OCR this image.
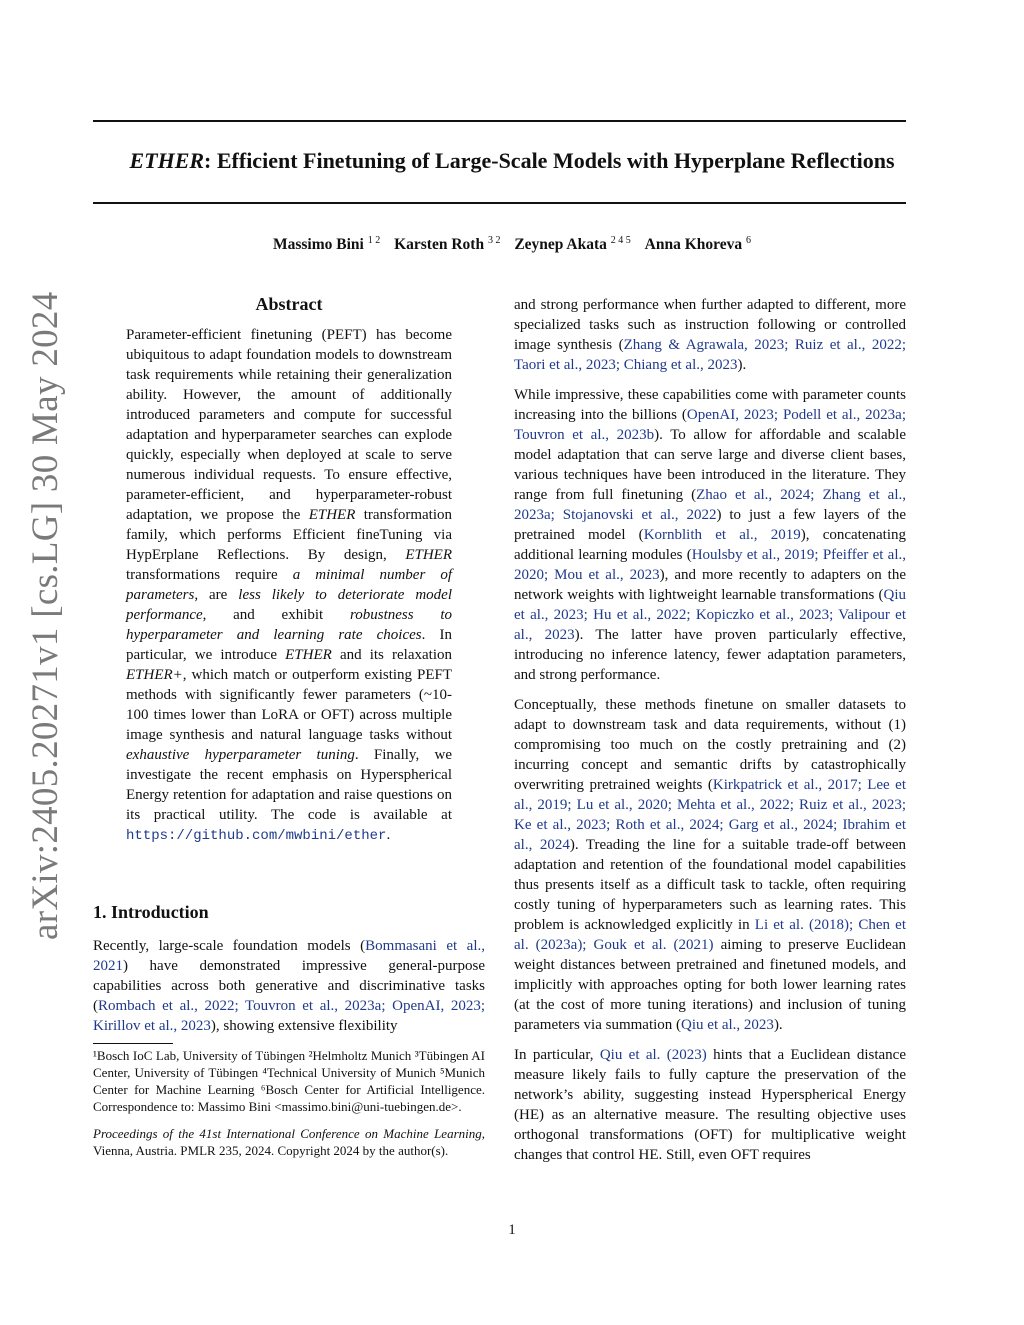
ETHER: Efficient Finetuning of Large-Scale Models with Hyperplane Reflections
Massimo Bini $^{1 2}$ Karsten Roth $^{3 2}$ Zeynep Akata $^{2 4 5}$ Anna Khoreva $^6$
arXiv:2405.20271v1 [cs.LG] 30 May 2024	Abstract

Parameter-efficient finetuning (PEFT) has become ubiquitous to adapt foundation models to downstream task requirements while retaining their generalization ability. However, the amount of additionally introduced parameters and compute for successful adaptation and hyperparameter searches can explode quickly, especially when deployed at scale to serve numerous individual requests. To ensure effective, parameter-efficient, and hyperparameter-robust adaptation, we propose the ETHER transformation family, which performs Efficient fineTuning via HypErplane Reflections. By design, ETHER transformations require a minimal number of parameters, are less likely to deteriorate model performance, and exhibit robustness to hyperparameter and learning rate choices. In particular, we introduce ETHER and its relaxation ETHER+, which match or outperform existing PEFT methods with significantly fewer parameters (~10-100 times lower than LoRA or OFT) across multiple image synthesis and natural language tasks without exhaustive hyperparameter tuning. Finally, we investigate the recent emphasis on Hyperspherical Energy retention for adaptation and raise questions on its practical utility. The code is available at https://github.com/mwbini/ether.

1. Introduction

Recently, large-scale foundation models (Bommasani et al., 2021) have demonstrated impressive general-purpose capabilities across both generative and discriminative tasks (Rombach et al., 2022; Touvron et al., 2023a; OpenAI, 2023; Kirillov et al., 2023), showing extensive flexibility

¹Bosch IoC Lab, University of Tübingen ²Helmholtz Munich ³Tübingen AI Center, University of Tübingen ⁴Technical University of Munich ⁵Munich Center for Machine Learning ⁶Bosch Center for Artificial Intelligence. Correspondence to: Massimo Bini <massimo.bini@uni-tuebingen.de>.

Proceedings of the 41st International Conference on Machine Learning, Vienna, Austria. PMLR 235, 2024. Copyright 2024 by the author(s).

and strong performance when further adapted to different, more specialized tasks such as instruction following or controlled image synthesis (Zhang & Agrawala, 2023; Ruiz et al., 2022; Taori et al., 2023; Chiang et al., 2023).

While impressive, these capabilities come with parameter counts increasing into the billions (OpenAI, 2023; Podell et al., 2023a; Touvron et al., 2023b). To allow for affordable and scalable model adaptation that can serve large and diverse client bases, various techniques have been introduced in the literature. They range from full finetuning (Zhao et al., 2024; Zhang et al., 2023a; Stojanovski et al., 2022) to just a few layers of the pretrained model (Kornblith et al., 2019), concatenating additional learning modules (Houlsby et al., 2019; Pfeiffer et al., 2020; Mou et al., 2023), and more recently to adapters on the network weights with lightweight learnable transformations (Qiu et al., 2023; Hu et al., 2022; Kopiczko et al., 2023; Valipour et al., 2023). The latter have proven particularly effective, introducing no inference latency, fewer adaptation parameters, and strong performance.

Conceptually, these methods finetune on smaller datasets to adapt to downstream task and data requirements, without (1) compromising too much on the costly pretraining and (2) incurring concept and semantic drifts by catastrophically overwriting pretrained weights (Kirkpatrick et al., 2017; Lee et al., 2019; Lu et al., 2020; Mehta et al., 2022; Ruiz et al., 2023; Ke et al., 2023; Roth et al., 2024; Garg et al., 2024; Ibrahim et al., 2024). Treading the line for a suitable trade-off between adaptation and retention of the foundational model capabilities thus presents itself as a difficult task to tackle, often requiring costly tuning of hyperparameters such as learning rates. This problem is acknowledged explicitly in Li et al. (2018); Chen et al. (2023a); Gouk et al. (2021) aiming to preserve Euclidean weight distances between pretrained and finetuned models, and implicitly with approaches opting for both lower learning rates (at the cost of more tuning iterations) and inclusion of tuning parameters via summation (Qiu et al., 2023).

In particular, Qiu et al. (2023) hints that a Euclidean distance measure likely fails to fully capture the preservation of the network’s ability, suggesting instead Hyperspherical Energy (HE) as an alternative measure. The resulting objective uses orthogonal transformations (OFT) for multiplicative weight changes that control HE. Still, even OFT requires

1
